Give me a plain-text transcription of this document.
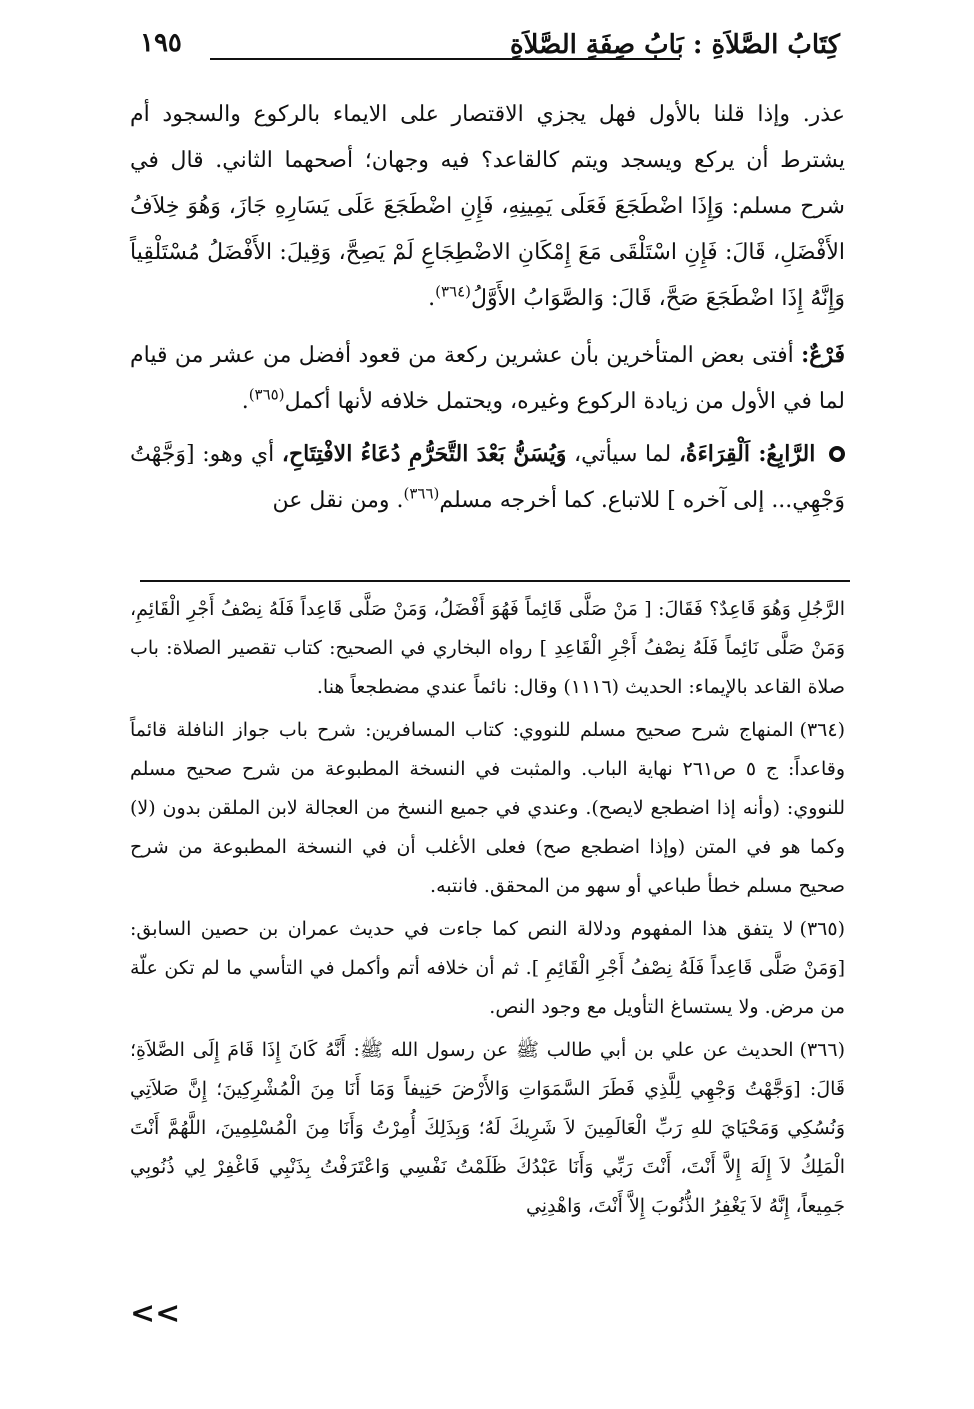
كِتَابُ الصَّلاَةِ : بَابُ صِفَةِ الصَّلاَةِ
١٩٥

عذر. وإذا قلنا بالأول فهل يجزي الاقتصار على الايماء بالركوع والسجود أم يشترط أن يركع ويسجد ويتم كالقاعد؟ فيه وجهان؛ أصحهما الثاني. قال في شرح مسلم: وَإِذَا اضْطَجَعَ فَعَلَى يَمِينِهِ، فَإِنِ اضْطَجَعَ عَلَى يَسَارِهِ جَازَ، وَهُوَ خِلاَفُ الأَفْضَلِ، قَالَ: فَإِنِ اسْتَلْقَى مَعَ إِمْكَانِ الاضْطِجَاعِ لَمْ يَصِحَّ، وَقِيلَ: الأَفْضَلُ مُسْتَلْقِياً وَإِنَّهُ إِذَا اضْطَجَعَ صَحَّ، قَالَ: وَالصَّوَابُ الأَوَّلُ$^{(٣٦٤)}$.

فَرْعٌ: أفتى بعض المتأخرين بأن عشرين ركعة من قعود أفضل من عشر من قيام لما في الأول من زيادة الركوع وغيره، ويحتمل خلافه لأنها أكمل$^{(٣٦٥)}$.

الرَّابِعُ: اَلْقِرَاءَةُ، لما سيأتي، وَيُسَنُّ بَعْدَ التَّحَرُّمِ دُعَاءُ الافْتِتَاحِ، أي وهو: [وَجَّهْتُ وَجْهِي... إلى آخره ] للاتباع. كما أخرجه مسلم$^{(٣٦٦)}$. ومن نقل عن

الرَّجُلِ وَهُوَ قَاعِدٌ؟ فَقَالَ: [ مَنْ صَلَّى قَائِماً فَهُوَ أَفْضَلُ، وَمَنْ صَلَّى قَاعِداً فَلَهُ نِصْفُ أَجْرِ الْقَائِمِ، وَمَنْ صَلَّى نَائِماً فَلَهُ نِصْفُ أَجْرِ الْقَاعِدِ ] رواه البخاري في الصحيح: كتاب تقصير الصلاة: باب صلاة القاعد بالإيماء: الحديث (١١١٦) وقال: نائماً عندي مضطجعاً هنا.

(٣٦٤)المنهاج شرح صحيح مسلم للنووي: كتاب المسافرين: شرح باب جواز النافلة قائماً وقاعداً: ج ٥ ص٢٦١ نهاية الباب. والمثبت في النسخة المطبوعة من شرح صحيح مسلم للنووي: (وأنه إذا اضطجع لايصح). وعندي في جميع النسخ من العجالة لابن الملقن بدون (لا) وكما هو في المتن (وإذا اضطجع صح) فعلى الأغلب أن في النسخة المطبوعة من شرح صحيح مسلم خطأ طباعي أو سهو من المحقق. فانتبه.

(٣٦٥)لا يتفق هذا المفهوم ودلالة النص كما جاءت في حديث عمران بن حصين السابق: [وَمَنْ صَلَّى قَاعِداً فَلَهُ نِصْفُ أَجْرِ الْقَائِمِ ]. ثم أن خلافه أتم وأكمل في التأسي ما لم تكن علّة من مرض. ولا يستساغ التأويل مع وجود النص.

(٣٦٦)الحديث عن علي بن أبي طالب ﷺ عن رسول الله ﷺ: أَنَّهُ كَانَ إِذَا قَامَ إِلَى الصَّلاَةِ؛ قَالَ: [وَجَّهْتُ وَجْهِي لِلَّذِي فَطَرَ السَّمَوَاتِ وَالأَرْضَ حَنِيفاً وَمَا أَنَا مِنَ الْمُشْرِكِينَ؛ إِنَّ صَلاَتِي وَنُسُكِي وَمَحْيَايَ للهِ رَبِّ الْعَالَمِينَ لاَ شَرِيكَ لَهُ؛ وَبِذَلِكَ أُمِرْتُ وَأَنَا مِنَ الْمُسْلِمِينَ، اللَّهُمَّ أَنْتَ الْمَلِكُ لاَ إِلَهَ إِلاَّ أَنْتَ، أَنْتَ رَبِّي وَأَنَا عَبْدُكَ ظَلَمْتُ نَفْسِي وَاعْتَرَفْتُ بِذَنْبِي فَاغْفِرْ لِي ذُنُوبِي جَمِيعاً، إِنَّهُ لاَ يَغْفِرُ الذُّنُوبَ إِلاَّ أَنْتَ، وَاهْدِنِي

<<
